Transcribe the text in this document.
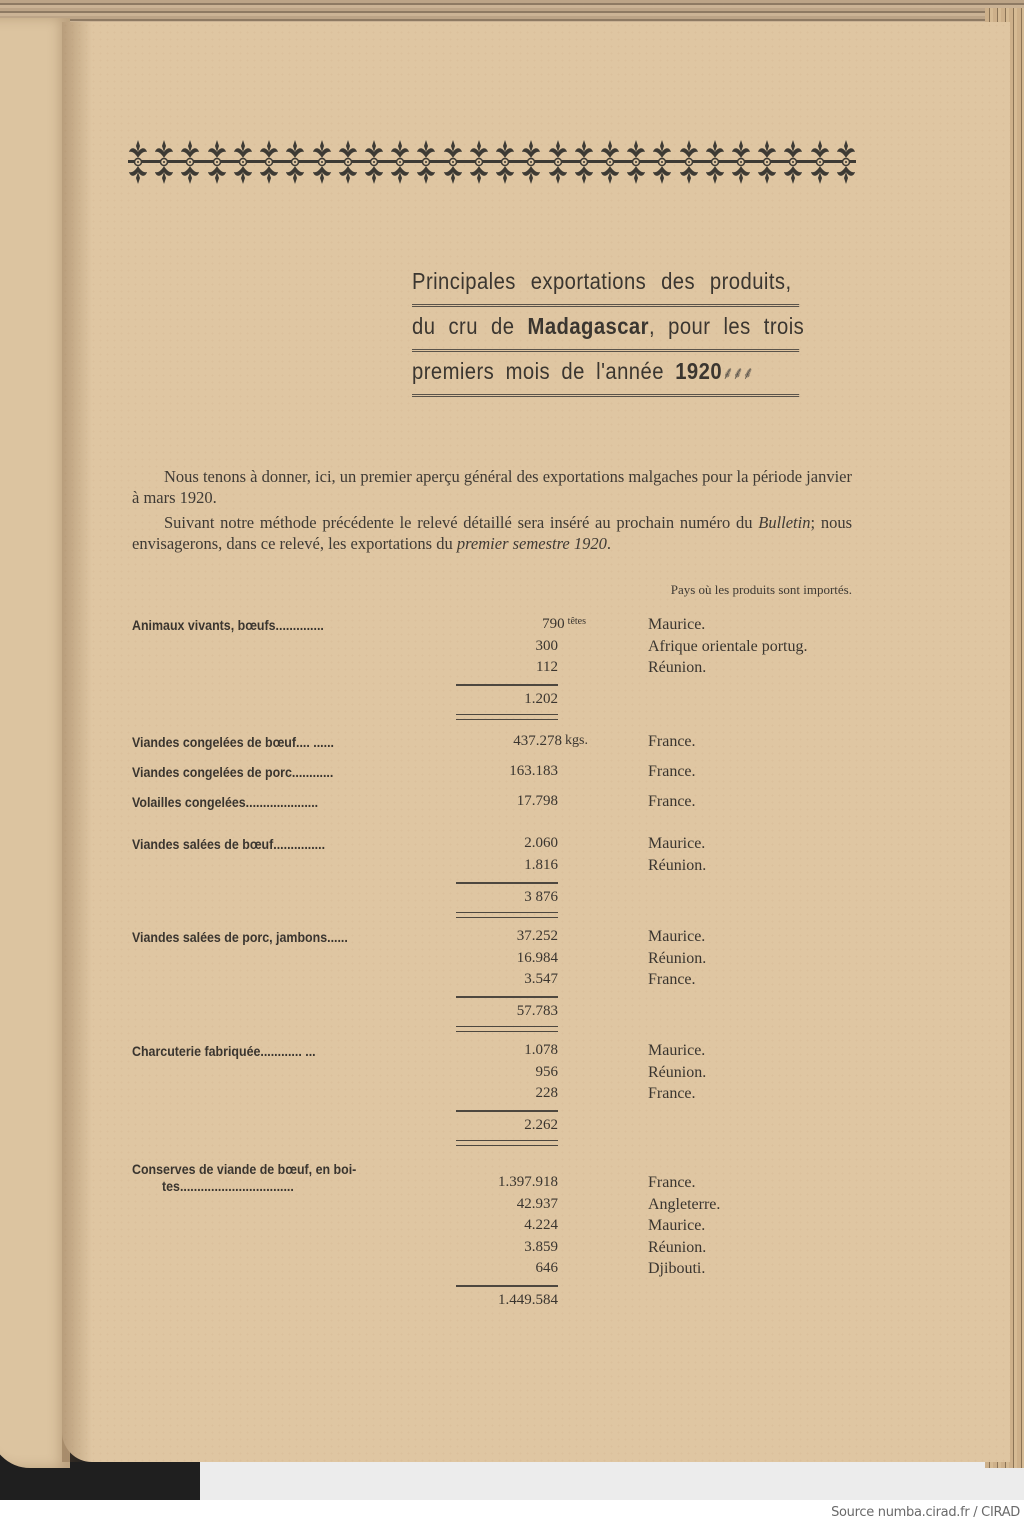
Principales exportations des produits,
du cru de Madagascar, pour les trois
premiers mois de l'année 1920⸙⸙⸙
Nous tenons à donner, ici, un premier aperçu général des exportations malgaches pour la période janvier à mars 1920.
Suivant notre méthode précédente le relevé détaillé sera inséré au prochain numéro du Bulletin; nous envisagerons, dans ce relevé, les exportations du premier semestre 1920.
Pays où les produits sont importés.
Animaux vivants, bœufs..............	790 $^{têtes}$	Maurice.
300	Afrique orientale portug.
112	Réunion.
1.202
Viandes congelées de bœuf.... ......	437.278 kgs.	France.
Viandes congelées de porc............	163.183	France.
Volailles congelées.....................	17.798	France.
Viandes salées de bœuf...............	2.060	Maurice.
1.816	Réunion.
3 876
Viandes salées de porc, jambons......	37.252	Maurice.
16.984	Réunion.
3.547	France.
57.783
Charcuterie fabriquée............ ...	1.078	Maurice.
956	Réunion.
228	France.
2.262
Conserves de viande de bœuf, en boi-
tes.................................	1.397.918	France.
42.937	Angleterre.
4.224	Maurice.
3.859	Réunion.
646	Djibouti.
1.449.584
Source numba.cirad.fr / CIRAD
